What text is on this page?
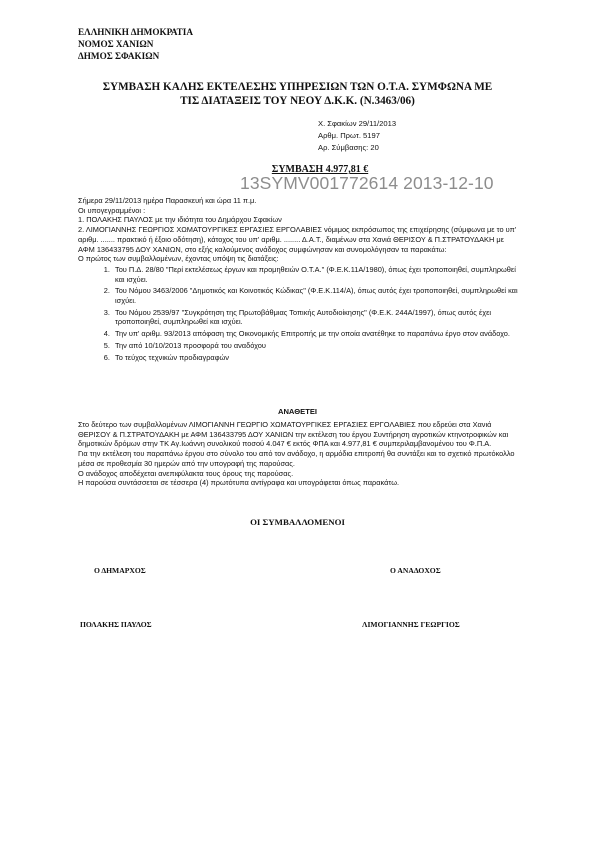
ΕΛΛΗΝΙΚΗ ΔΗΜΟΚΡΑΤΙΑ
ΝΟΜΟΣ ΧΑΝΙΩΝ
ΔΗΜΟΣ ΣΦΑΚΙΩΝ
ΣΥΜΒΑΣΗ ΚΑΛΗΣ ΕΚΤΕΛΕΣΗΣ ΥΠΗΡΕΣΙΩΝ ΤΩΝ Ο.Τ.Α. ΣΥΜΦΩΝΑ ΜΕ
ΤΙΣ ΔΙΑΤΑΞΕΙΣ ΤΟΥ ΝΕΟΥ Δ.Κ.Κ. (Ν.3463/06)
Χ. Σφακίων 29/11/2013
Αρθμ. Πρωτ. 5197
Αρ. Σύμβασης: 20
ΣΥΜΒΑΣΗ 4.977,81 €
13SYMV001772614 2013-12-10

Σήμερα 29/11/2013 ημέρα Παρασκευή και ώρα 11 π.μ.

Οι υπογεγραμμένοι :

1. ΠΟΛΑΚΗΣ ΠΑΥΛΟΣ με την ιδιότητα του Δημάρχου Σφακίων

2. ΛΙΜΟΓΙΑΝΝΗΣ ΓΕΩΡΓΙΟΣ ΧΩΜΑΤΟΥΡΓΙΚΕΣ ΕΡΓΑΣΙΕΣ ΕΡΓΟΛΑΒΙΕΣ νόμιμος εκπρόσωπος της επιχείρησης (σύμφωνα με το υπ' αριθμ. ....... πρακτικό ή έξοιο οδότηση), κάτοχος του υπ' αριθμ. ........ Δ.Α.Τ., διαμένων στα Χανιά ΘΕΡΙΣΟΥ & Π.ΣΤΡΑΤΟΥΔΑΚΗ με ΑΦΜ 136433795 ΔΟΥ ΧΑΝΙΩΝ, στο εξής καλούμενος ανάδοχος συμφώνησαν και συνομολόγησαν τα παρακάτω:

Ο πρώτος των συμβαλλομένων, έχοντας υπόψη τις διατάξεις:

1. Του Π.Δ. 28/80 "Περί εκτελέσεως έργων και προμηθειών Ο.Τ.Α." (Φ.Ε.Κ.11Α/1980), όπως έχει τροποποιηθεί, συμπληρωθεί και ισχύει.
2. Του Νόμου 3463/2006 "Δημοτικός και Κοινοτικός Κώδικας" (Φ.Ε.Κ.114/Α), όπως αυτός έχει τροποποιηθεί, συμπληρωθεί και ισχύει.
3. Του Νόμου 2539/97 "Συγκρότηση της Πρωτοβάθμιας Τοπικής Αυτοδιοίκησης" (Φ.Ε.Κ. 244Α/1997), όπως αυτός έχει τροποποιηθεί, συμπληρωθεί και ισχύει.
4. Την υπ' αριθμ. 93/2013 απόφαση της Οικονομικής Επιτροπής με την οποία ανατέθηκε το παραπάνω έργο στον ανάδοχο.
5. Την από 10/10/2013 προσφορά του αναδόχου
6. Το τεύχος τεχνικών προδιαγραφών
ΑΝΑΘΕΤΕΙ

Στο δεύτερο των συμβαλλομένων ΛΙΜΟΓΙΑΝΝΗ ΓΕΩΡΓΙΟ ΧΩΜΑΤΟΥΡΓΙΚΕΣ ΕΡΓΑΣΙΕΣ ΕΡΓΟΛΑΒΙΕΣ που εδρεύει στα Χανιά ΘΕΡΙΣΟΥ & Π.ΣΤΡΑΤΟΥΔΑΚΗ με ΑΦΜ 136433795 ΔΟΥ ΧΑΝΙΩΝ την εκτέλεση του έργου Συντήρηση αγροτικών κτηνοτροφικών και δημοτικών δρόμων στην ΤΚ Αγ.Ιωάννη συνολικού ποσού 4.047 € εκτός ΦΠΑ και 4.977,81 € συμπεριλαμβανομένου του Φ.Π.Α.

Για την εκτέλεση του παραπάνω έργου στο σύνολο του από τον ανάδοχο, η αρμόδια επιτροπή θα συντάξει και το σχετικό πρωτόκολλο μέσα σε προθεσμία 30 ημερών από την υπογραφή της παρούσας.

Ο ανάδοχος αποδέχεται ανεπιφύλακτα τους όρους της παρούσας.

Η παρούσα συντάσσεται σε τέσσερα (4) πρωτότυπα αντίγραφα και υπογράφεται όπως παρακάτω.

ΟΙ ΣΥΜΒΑΛΛΟΜΕΝΟΙ
Ο ΔΗΜΑΡΧΟΣ	Ο ΑΝΑΔΟΧΟΣ
ΠΟΛΑΚΗΣ ΠΑΥΛΟΣ	ΛΙΜΟΓΙΑΝΝΗΣ ΓΕΩΡΓΙΟΣ
